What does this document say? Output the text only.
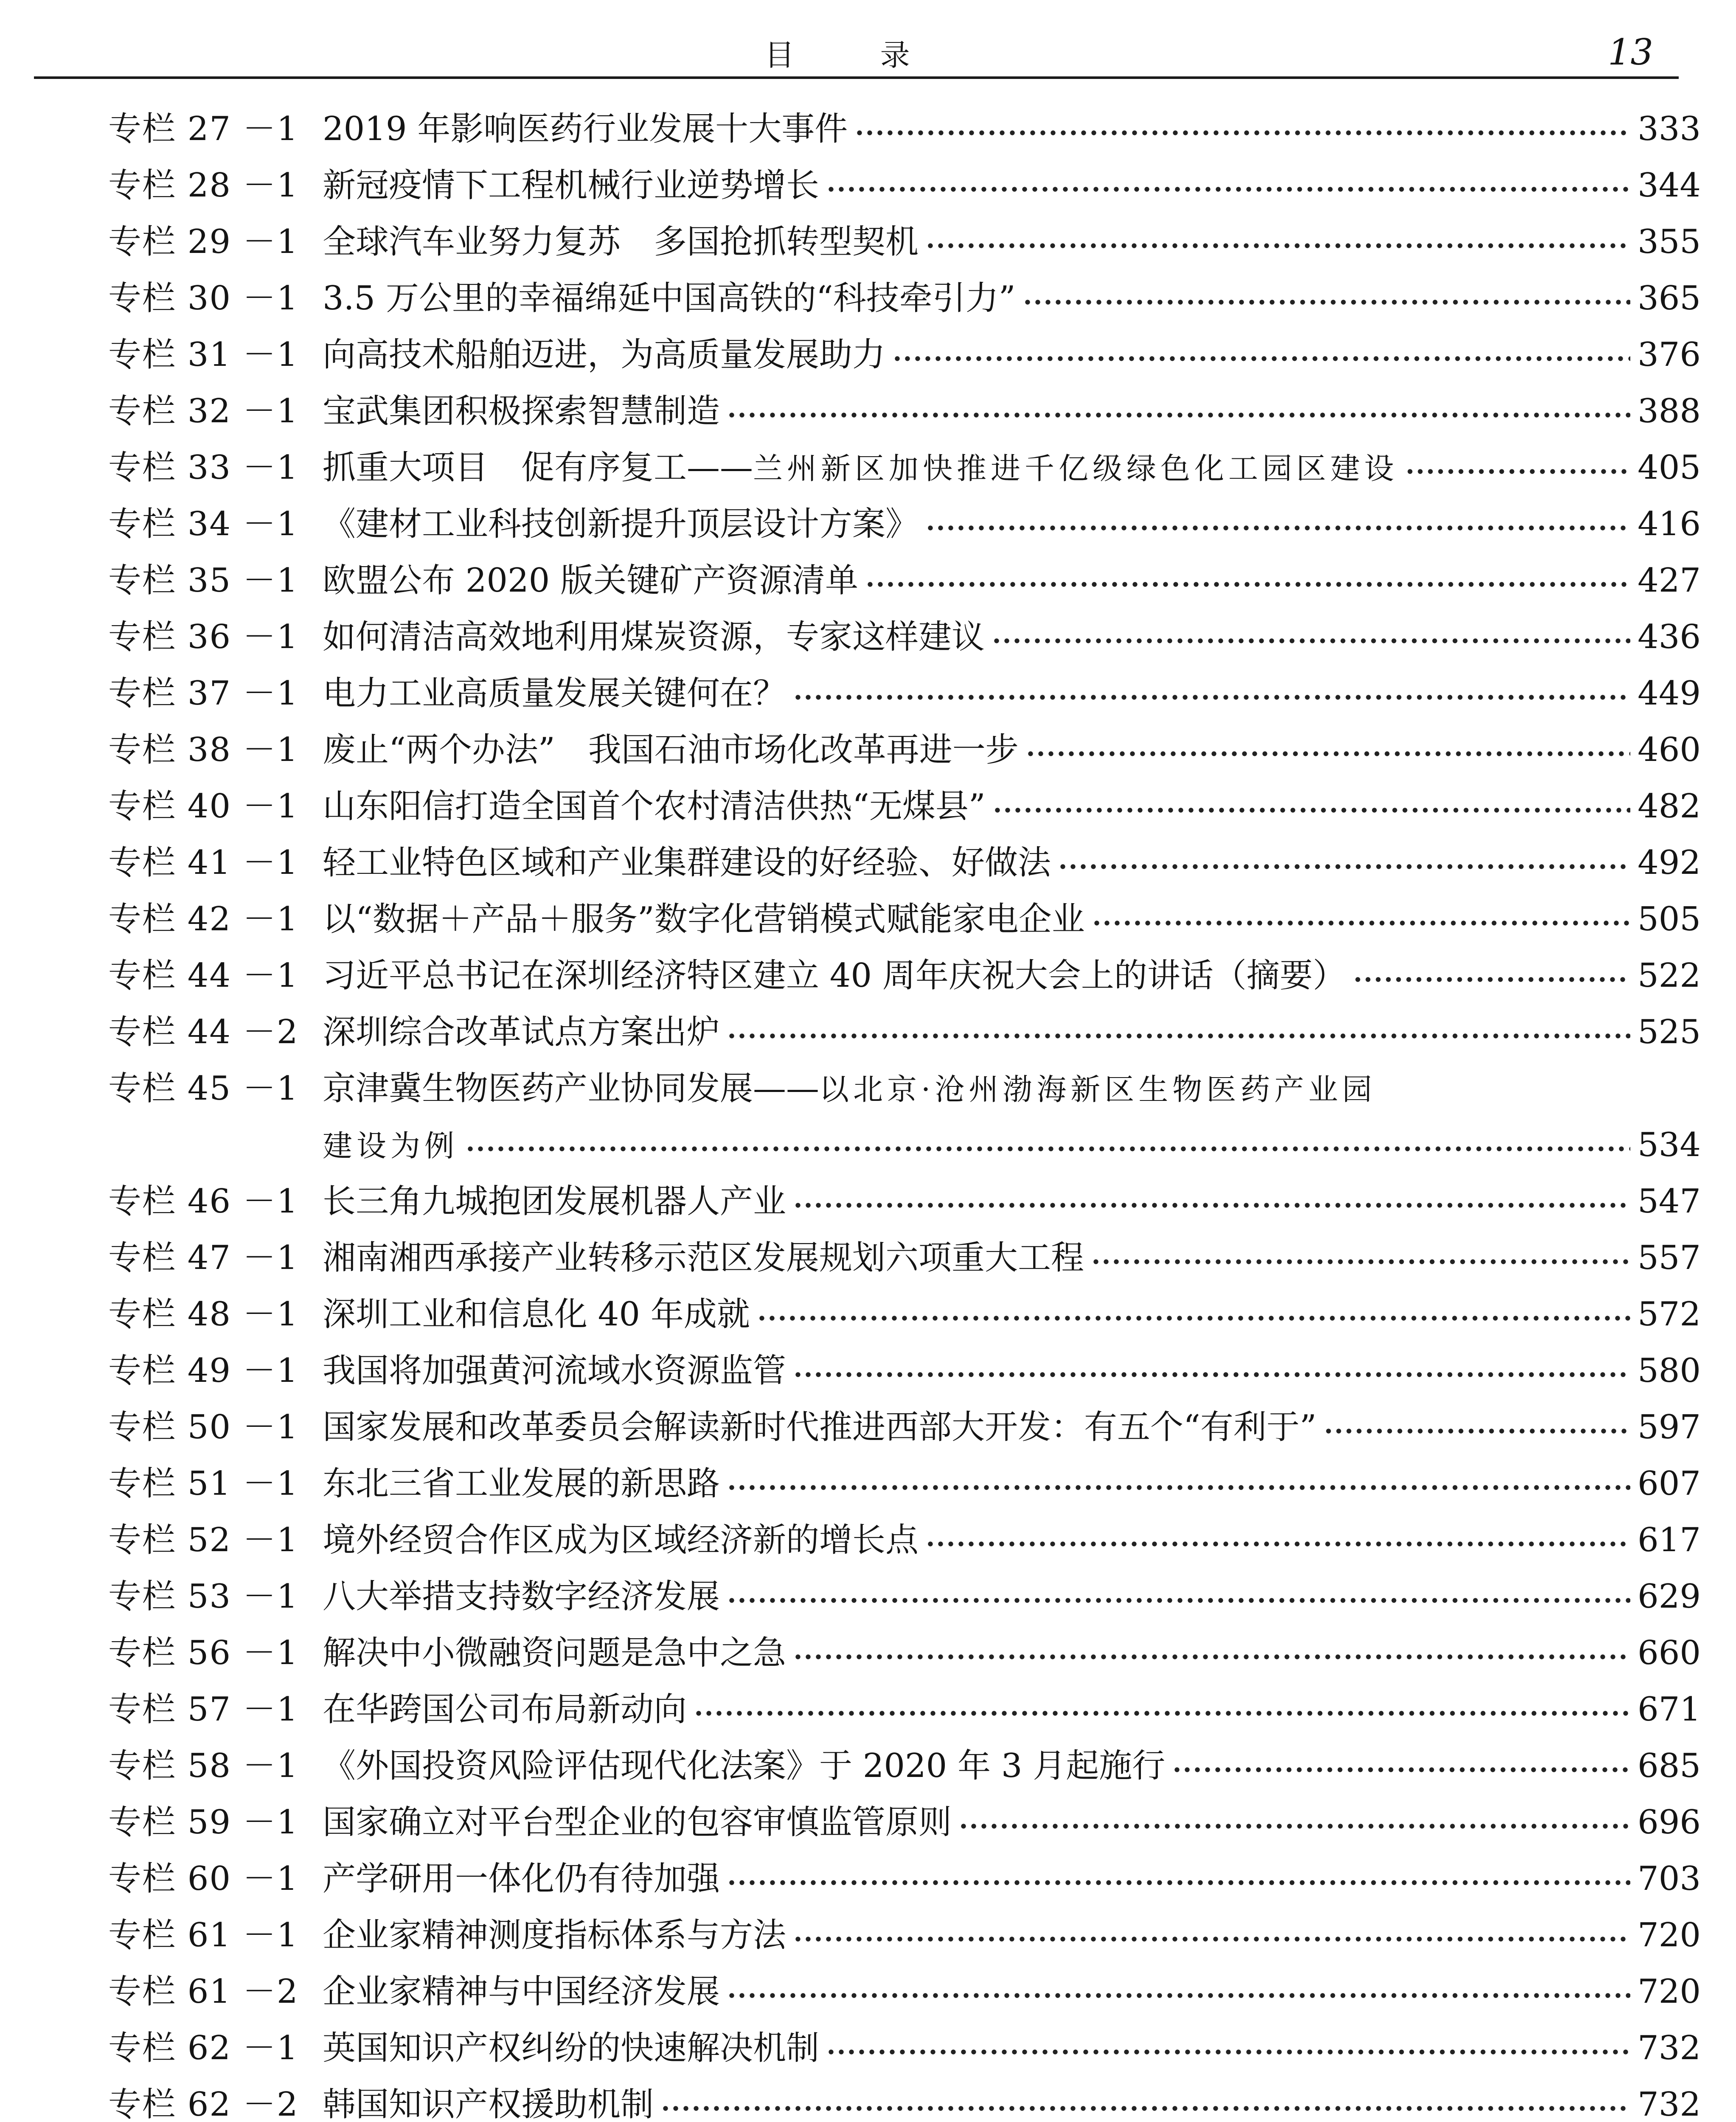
目 录	13
专栏 27 －1 2019 年影响医药行业发展十大事件	333
专栏 28 －1 新冠疫情下工程机械行业逆势增长	344
专栏 29 －1 全球汽车业努力复苏　多国抢抓转型契机	355
专栏 30 －1 3.5 万公里的幸福绵延中国高铁的“科技牵引力”	365
专栏 31 －1 向高技术船舶迈进，为高质量发展助力	376
专栏 32 －1 宝武集团积极探索智慧制造	388
专栏 33 －1 抓重大项目　促有序复工——兰州新区加快推进千亿级绿色化工园区建设	405
专栏 34 －1 《建材工业科技创新提升顶层设计方案》	416
专栏 35 －1 欧盟公布 2020 版关键矿产资源清单	427
专栏 36 －1 如何清洁高效地利用煤炭资源，专家这样建议	436
专栏 37 －1 电力工业高质量发展关键何在？	449
专栏 38 －1 废止“两个办法”　我国石油市场化改革再进一步	460
专栏 40 －1 山东阳信打造全国首个农村清洁供热“无煤县”	482
专栏 41 －1 轻工业特色区域和产业集群建设的好经验、好做法	492
专栏 42 －1 以“数据＋产品＋服务”数字化营销模式赋能家电企业	505
专栏 44 －1 习近平总书记在深圳经济特区建立 40 周年庆祝大会上的讲话（摘要）	522
专栏 44 －2 深圳综合改革试点方案出炉	525
专栏 45 －1 京津冀生物医药产业协同发展——以北京·沧州渤海新区生物医药产业园
建设为例	534
专栏 46 －1 长三角九城抱团发展机器人产业	547
专栏 47 －1 湘南湘西承接产业转移示范区发展规划六项重大工程	557
专栏 48 －1 深圳工业和信息化 40 年成就	572
专栏 49 －1 我国将加强黄河流域水资源监管	580
专栏 50 －1 国家发展和改革委员会解读新时代推进西部大开发：有五个“有利于”	597
专栏 51 －1 东北三省工业发展的新思路	607
专栏 52 －1 境外经贸合作区成为区域经济新的增长点	617
专栏 53 －1 八大举措支持数字经济发展	629
专栏 56 －1 解决中小微融资问题是急中之急	660
专栏 57 －1 在华跨国公司布局新动向	671
专栏 58 －1 《外国投资风险评估现代化法案》于 2020 年 3 月起施行	685
专栏 59 －1 国家确立对平台型企业的包容审慎监管原则	696
专栏 60 －1 产学研用一体化仍有待加强	703
专栏 61 －1 企业家精神测度指标体系与方法	720
专栏 61 －2 企业家精神与中国经济发展	720
专栏 62 －1 英国知识产权纠纷的快速解决机制	732
专栏 62 －2 韩国知识产权援助机制	732
